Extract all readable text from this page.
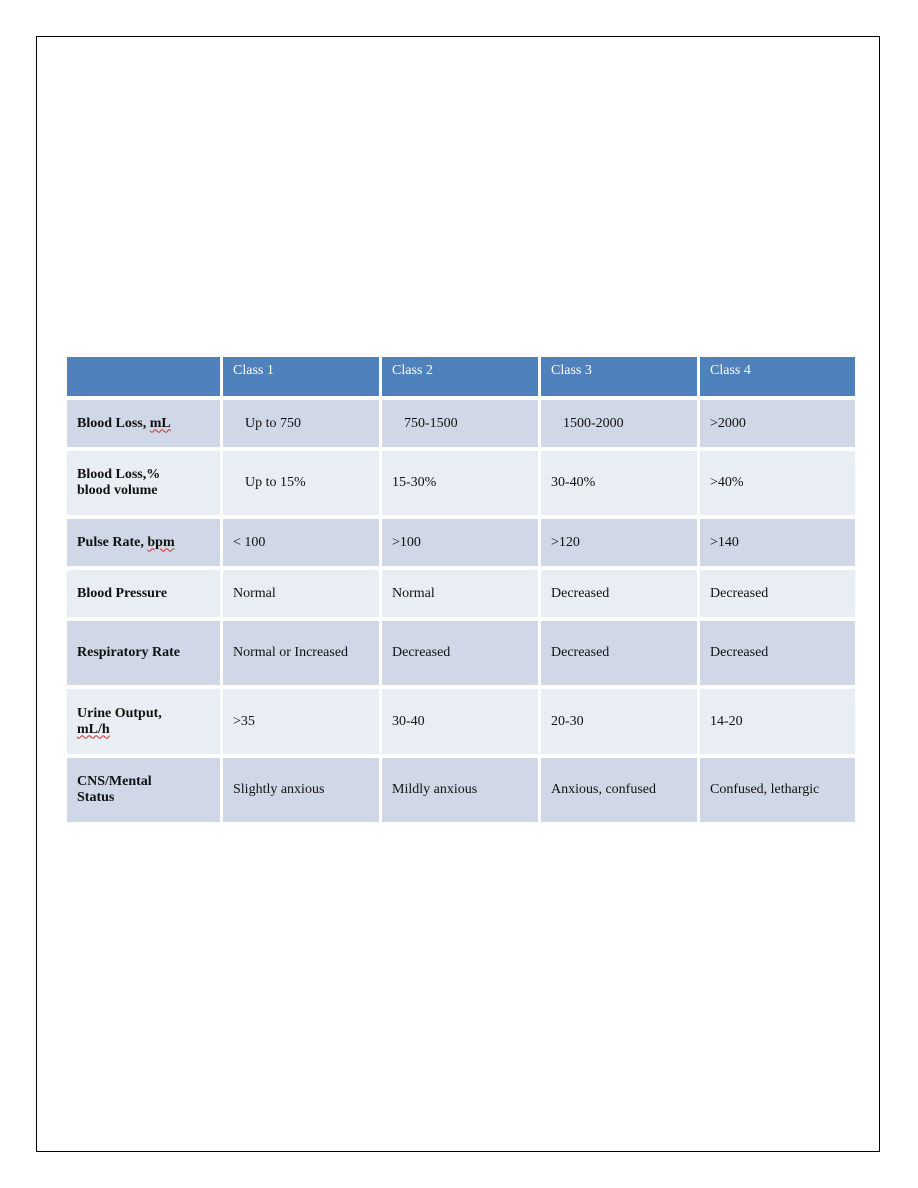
	Class 1	Class 2	Class 3	Class 4
Blood Loss, mL	Up to 750	750-1500	1500-2000	>2000
Blood Loss,%
blood volume	Up to 15%	15-30%	30-40%	>40%
Pulse Rate, bpm	< 100	>100	>120	>140
Blood Pressure	Normal	Normal	Decreased	Decreased
Respiratory Rate	Normal or Increased	Decreased	Decreased	Decreased
Urine Output,
mL/h	>35	30-40	20-30	14-20
CNS/Mental
Status	Slightly anxious	Mildly anxious	Anxious, confused	Confused, lethargic
